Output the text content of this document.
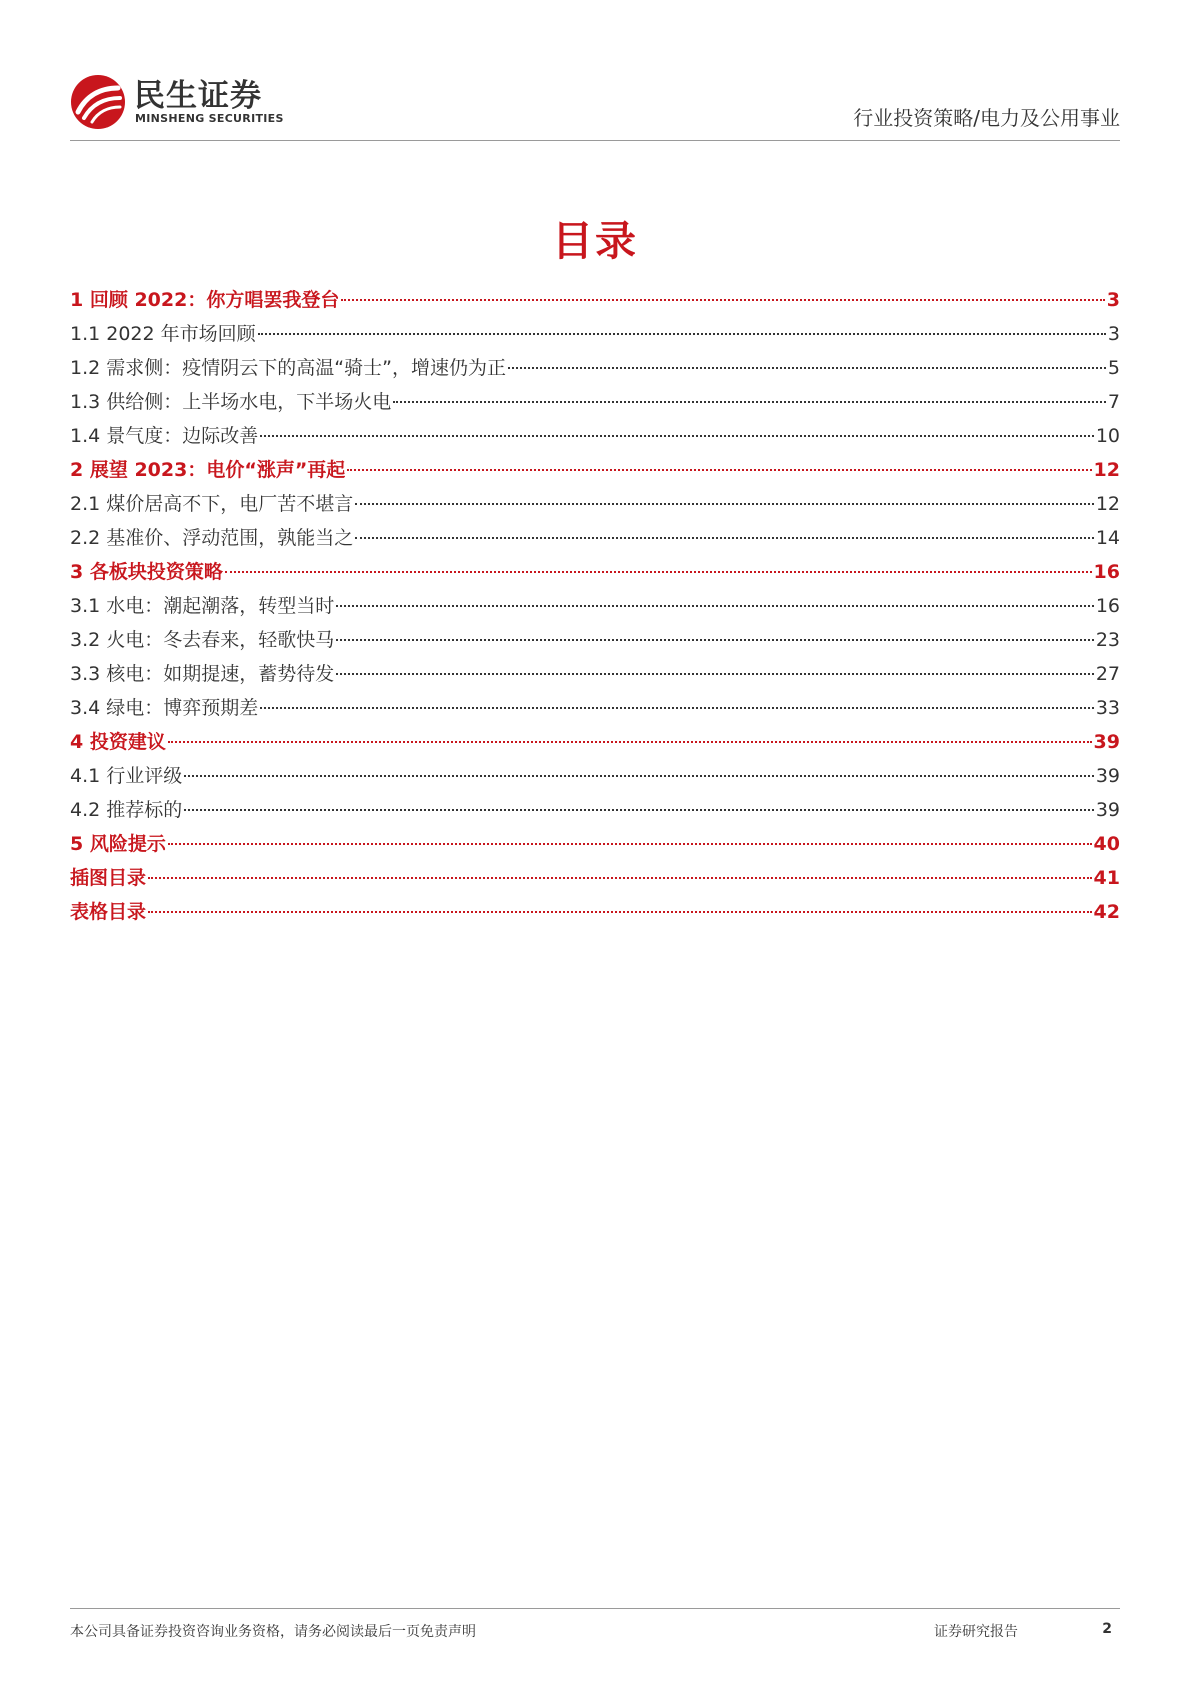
民生证券
MINSHENG SECURITIES	行业投资策略/电力及公用事业
目录
1 回顾 2022：你方唱罢我登台	3
1.1 2022 年市场回顾	3
1.2 需求侧：疫情阴云下的高温“骑士”，增速仍为正	5
1.3 供给侧：上半场水电，下半场火电	7
1.4 景气度：边际改善	10
2 展望 2023：电价“涨声”再起	12
2.1 煤价居高不下，电厂苦不堪言	12
2.2 基准价、浮动范围，孰能当之	14
3 各板块投资策略	16
3.1 水电：潮起潮落，转型当时	16
3.2 火电：冬去春来，轻歌快马	23
3.3 核电：如期提速，蓄势待发	27
3.4 绿电：博弈预期差	33
4 投资建议	39
4.1 行业评级	39
4.2 推荐标的	39
5 风险提示	40
插图目录	41
表格目录	42
本公司具备证券投资咨询业务资格，请务必阅读最后一页免责声明	证券研究报告	2
